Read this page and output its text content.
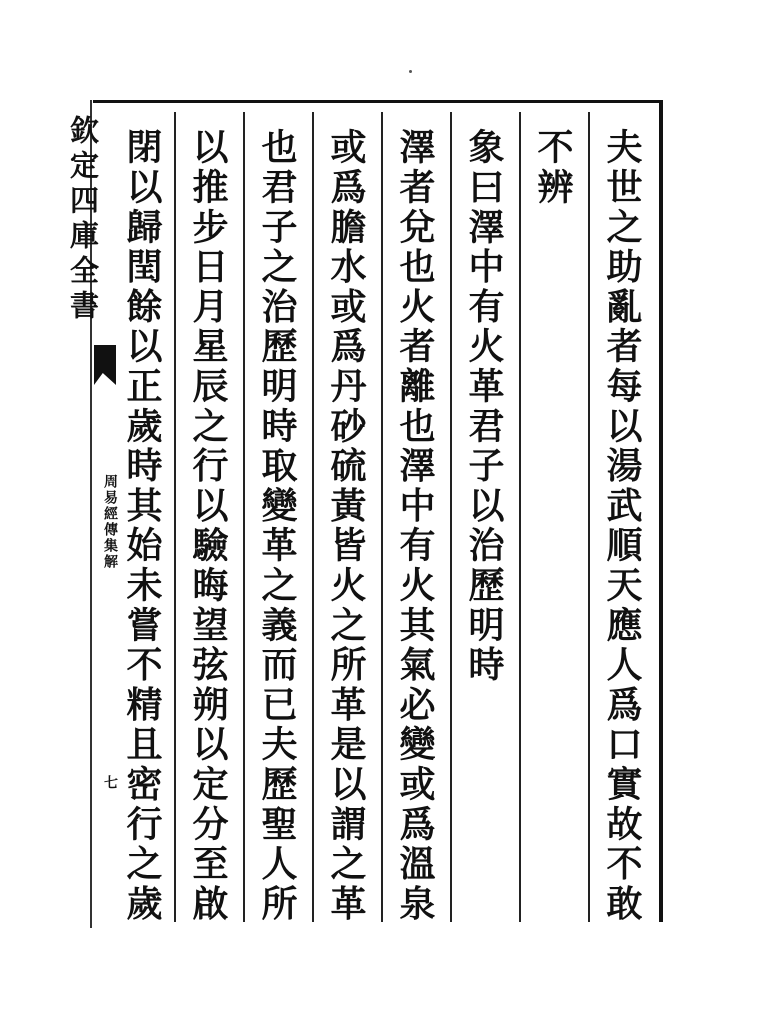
欽定四庫全書
周易經傳集解
七	夫世之助亂者每以湯武順天應人爲口實故不敢
不辨
象曰澤中有火革君子以治歷明時
澤者兌也火者離也澤中有火其氣必變或爲溫泉
或爲膽水或爲丹砂硫黃皆火之所革是以謂之革
也君子之治歷明時取變革之義而已夫歷聖人所
以推步日月星辰之行以驗晦望弦朔以定分至啟
閉以歸閏餘以正歲時其始未嘗不精且密行之歲
